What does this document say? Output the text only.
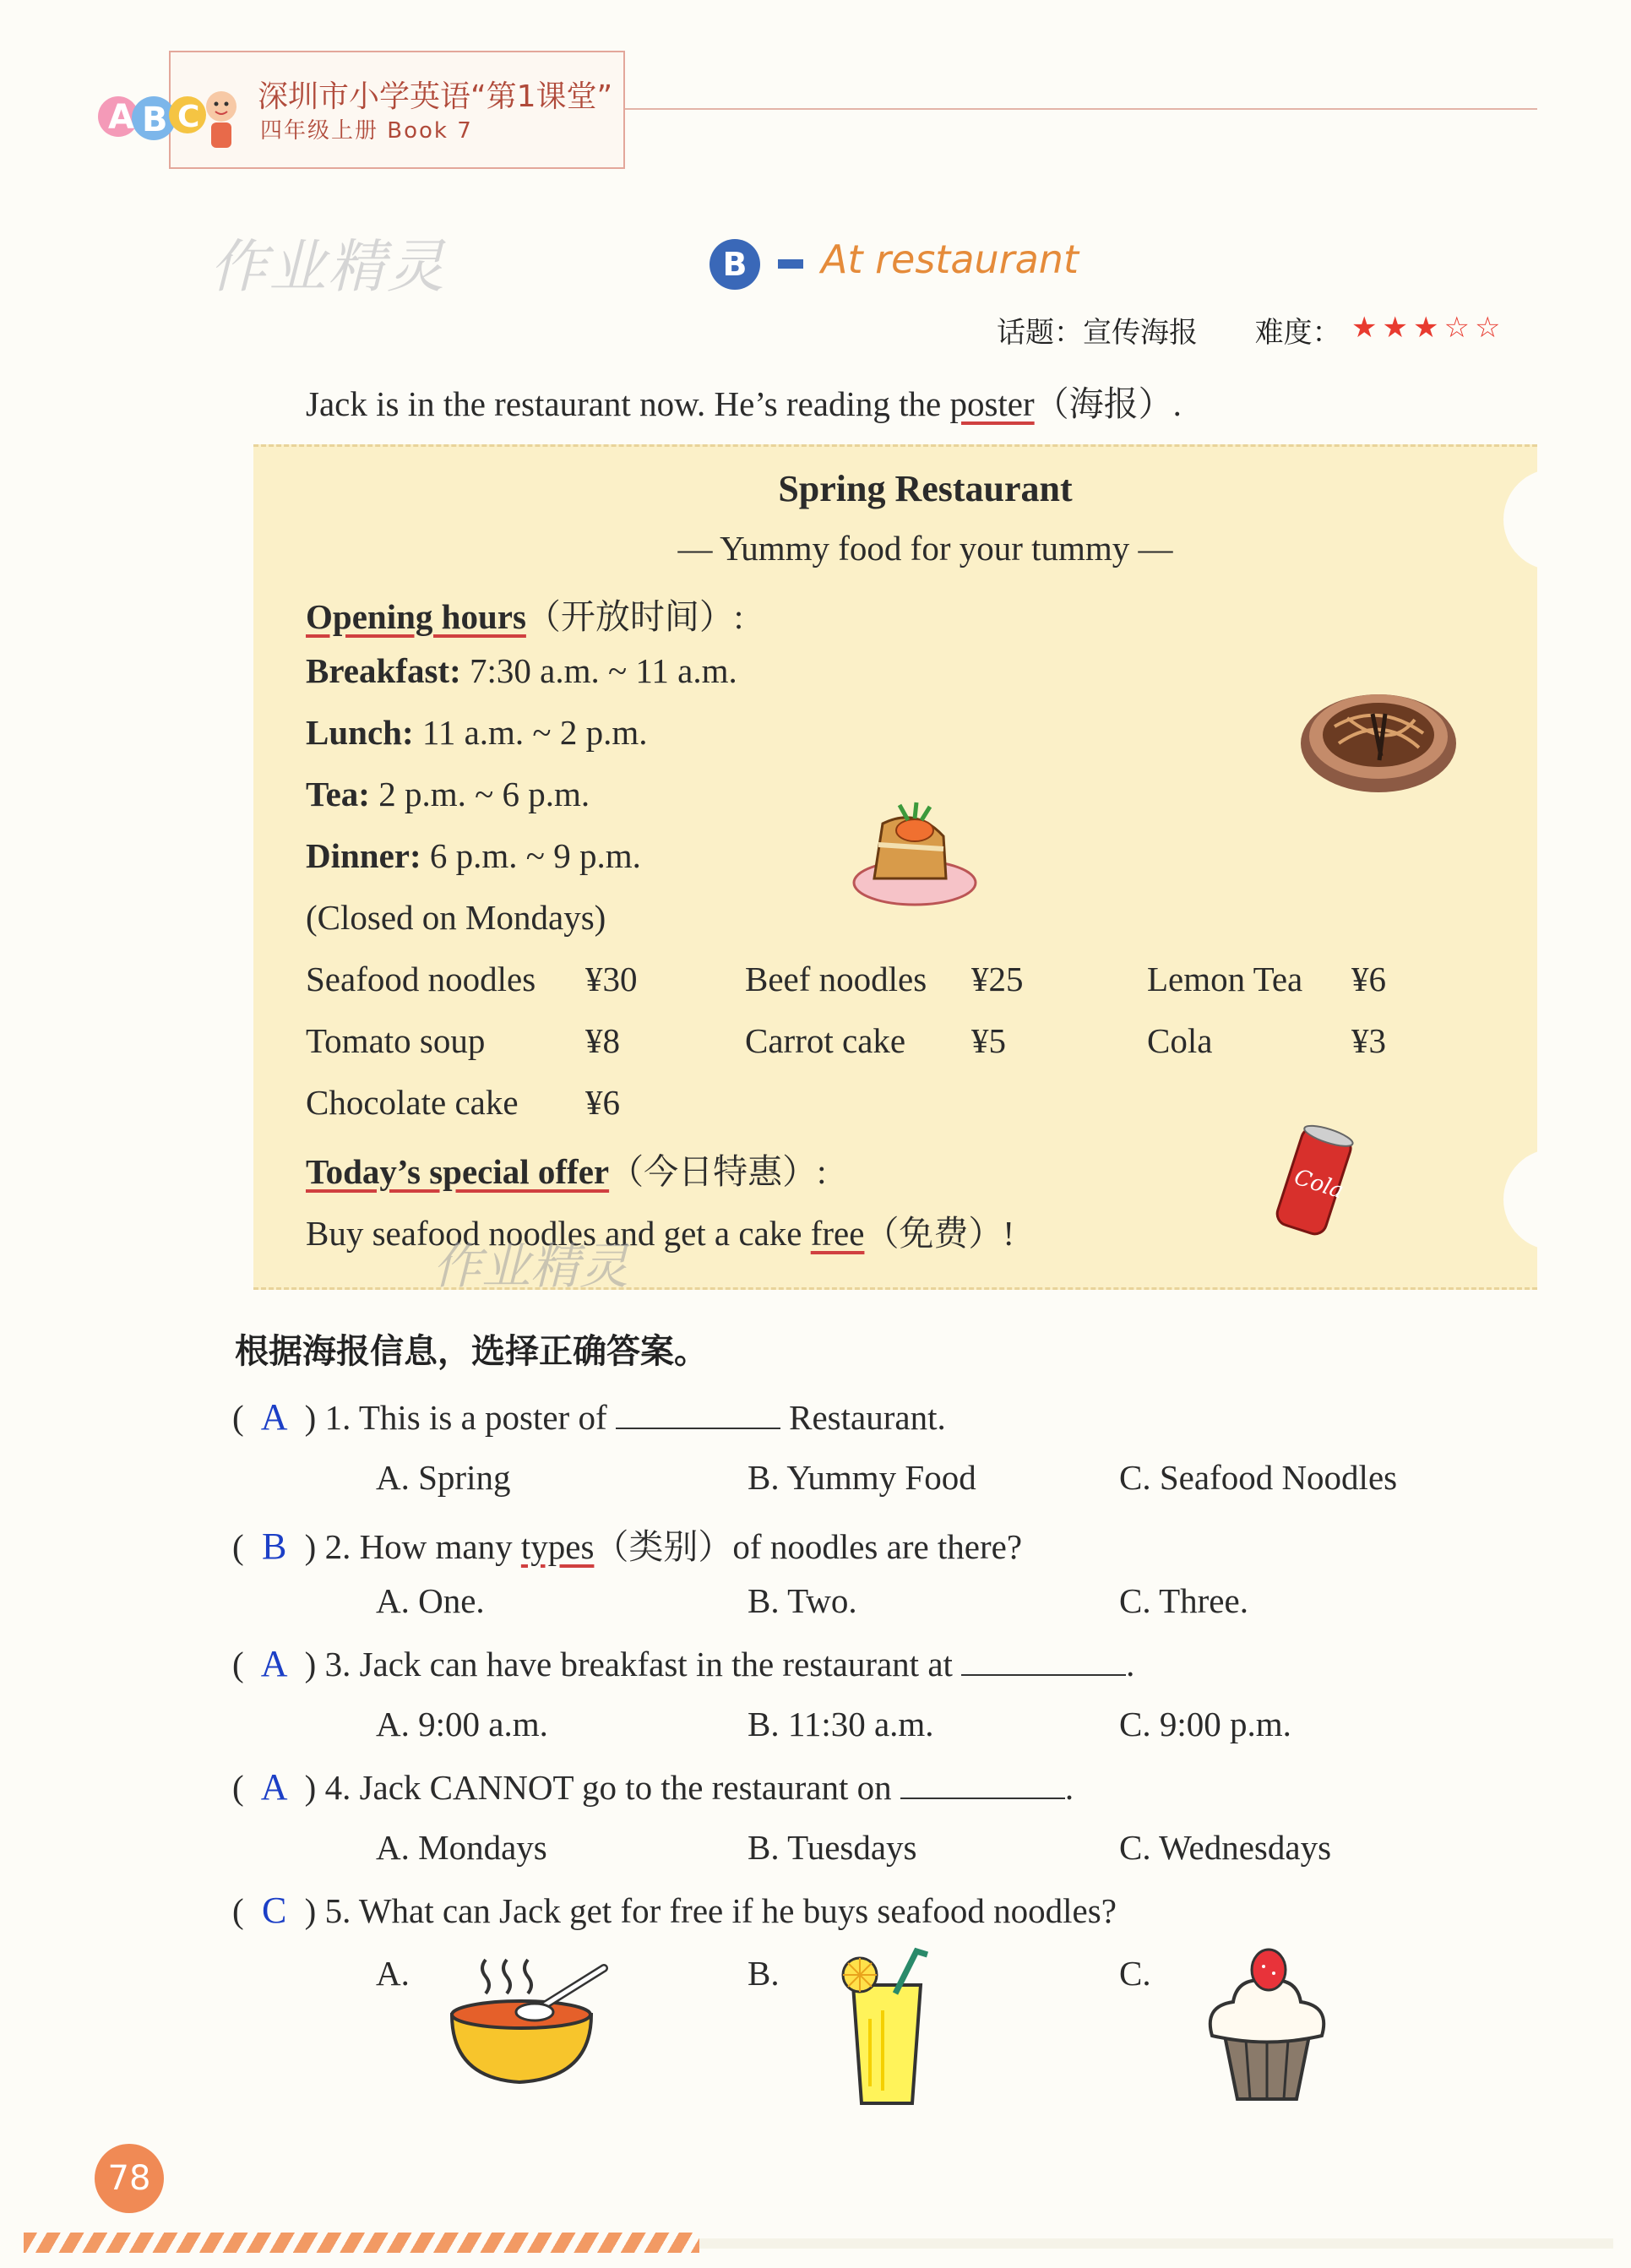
A B C
深圳市小学英语“第1课堂”
四年级上册 Book 7
作业精灵	B	At restaurant
话题：宣传海报 难度： ★★★☆☆
Jack is in the restaurant now. He’s reading the poster（海报）.
Spring Restaurant
— Yummy food for your tummy —
Opening hours（开放时间）:
Breakfast: 7:30 a.m. ~ 11 a.m.
Lunch: 11 a.m. ~ 2 p.m.
Tea: 2 p.m. ~ 6 p.m.
Dinner: 6 p.m. ~ 9 p.m.
(Closed on Mondays)
Seafood noodles ¥30	Beef noodles ¥25	Lemon Tea ¥6
Tomato soup	¥8	Carrot cake ¥5	Cola	¥3
Chocolate cake ¥6
Today’s special offer（今日特惠）:
Buy seafood noodles and get a cake free（免费）!
Cola
作业精灵
根据海报信息，选择正确答案。
( A ) 1. This is a poster of	Restaurant.
A. Spring	B. Yummy Food	C. Seafood Noodles
( B ) 2. How many types（类别）of noodles are there?
A. One.	B. Two.	C. Three.
( A ) 3. Jack can have breakfast in the restaurant at	.
A. 9:00 a.m.	B. 11:30 a.m.	C. 9:00 p.m.
( A ) 4. Jack CANNOT go to the restaurant on	.
A. Mondays	B. Tuesdays	C. Wednesdays
( C ) 5. What can Jack get for free if he buys seafood noodles?
A.	B.	C.
78
